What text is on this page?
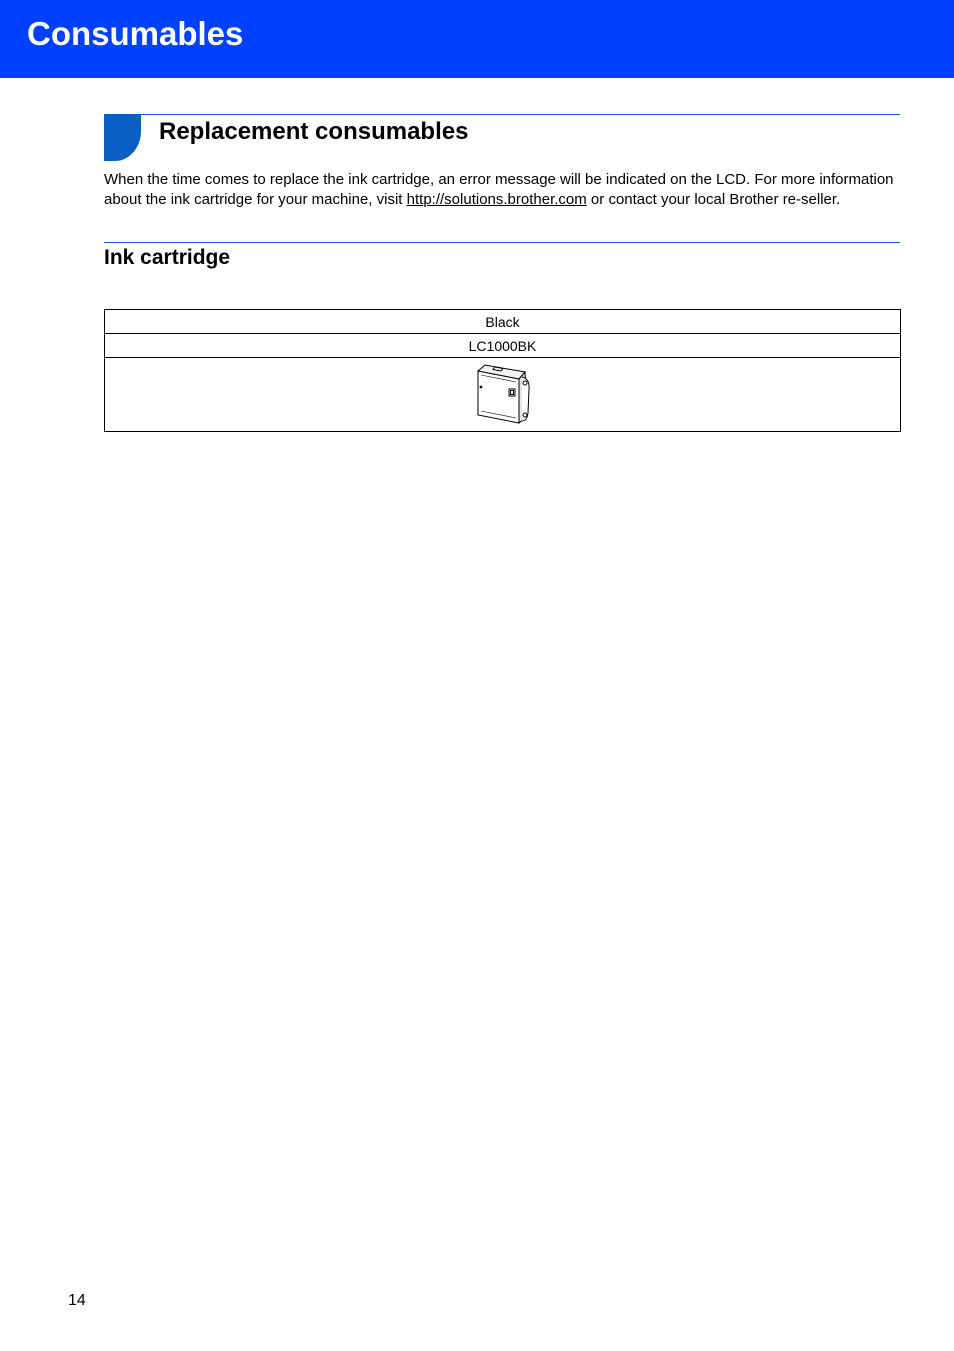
Consumables
Replacement consumables

When the time comes to replace the ink cartridge, an error message will be indicated on the LCD. For more information about the ink cartridge for your machine, visit http://solutions.brother.com or contact your local Brother re-seller.

Ink cartridge
Black
LC1000BK

14
